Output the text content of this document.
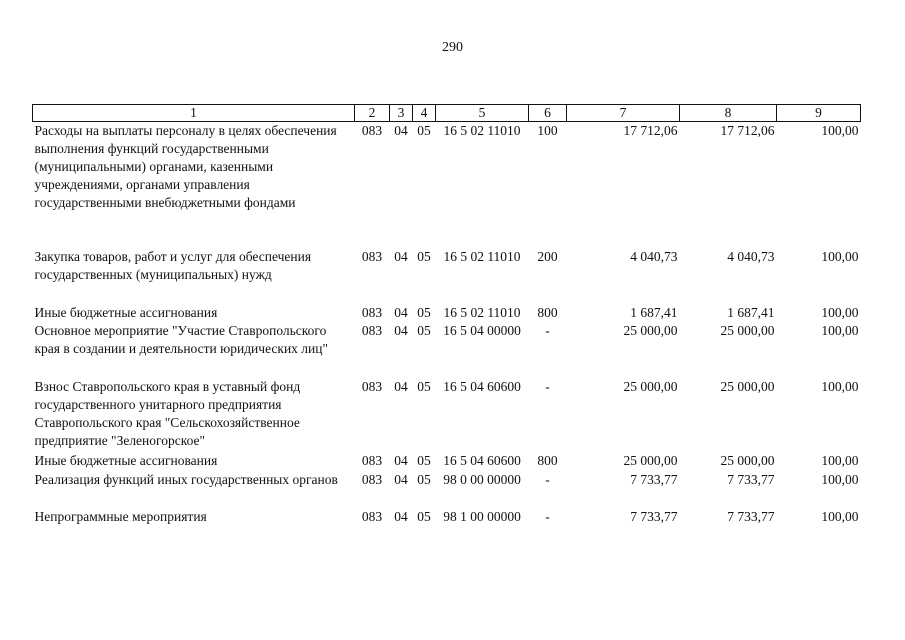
290
1	2	3	4	5	6	7	8	9
Расходы на выплаты персоналу в целях обеспечения выполнения функций государственными (муниципальными) органами, казенными учреждениями, органами управления государственными внебюджетными фондами	083	04	05	16 5 02 11010	100	17 712,06	17 712,06	100,00
Закупка товаров, работ и услуг для обеспечения государственных (муниципальных) нужд	083	04	05	16 5 02 11010	200	4 040,73	4 040,73	100,00
Иные бюджетные ассигнования	083	04	05	16 5 02 11010	800	1 687,41	1 687,41	100,00
Основное мероприятие "Участие Ставропольского края в создании и деятельности юридических лиц"	083	04	05	16 5 04 00000	-	25 000,00	25 000,00	100,00
Взнос Ставропольского края в уставный фонд государственного унитарного предприятия Ставропольского края "Сельскохозяйственное предприятие "Зеленогорское"	083	04	05	16 5 04 60600	-	25 000,00	25 000,00	100,00
Иные бюджетные ассигнования	083	04	05	16 5 04 60600	800	25 000,00	25 000,00	100,00
Реализация функций иных государственных органов	083	04	05	98 0 00 00000	-	7 733,77	7 733,77	100,00
Непрограммные мероприятия	083	04	05	98 1 00 00000	-	7 733,77	7 733,77	100,00
